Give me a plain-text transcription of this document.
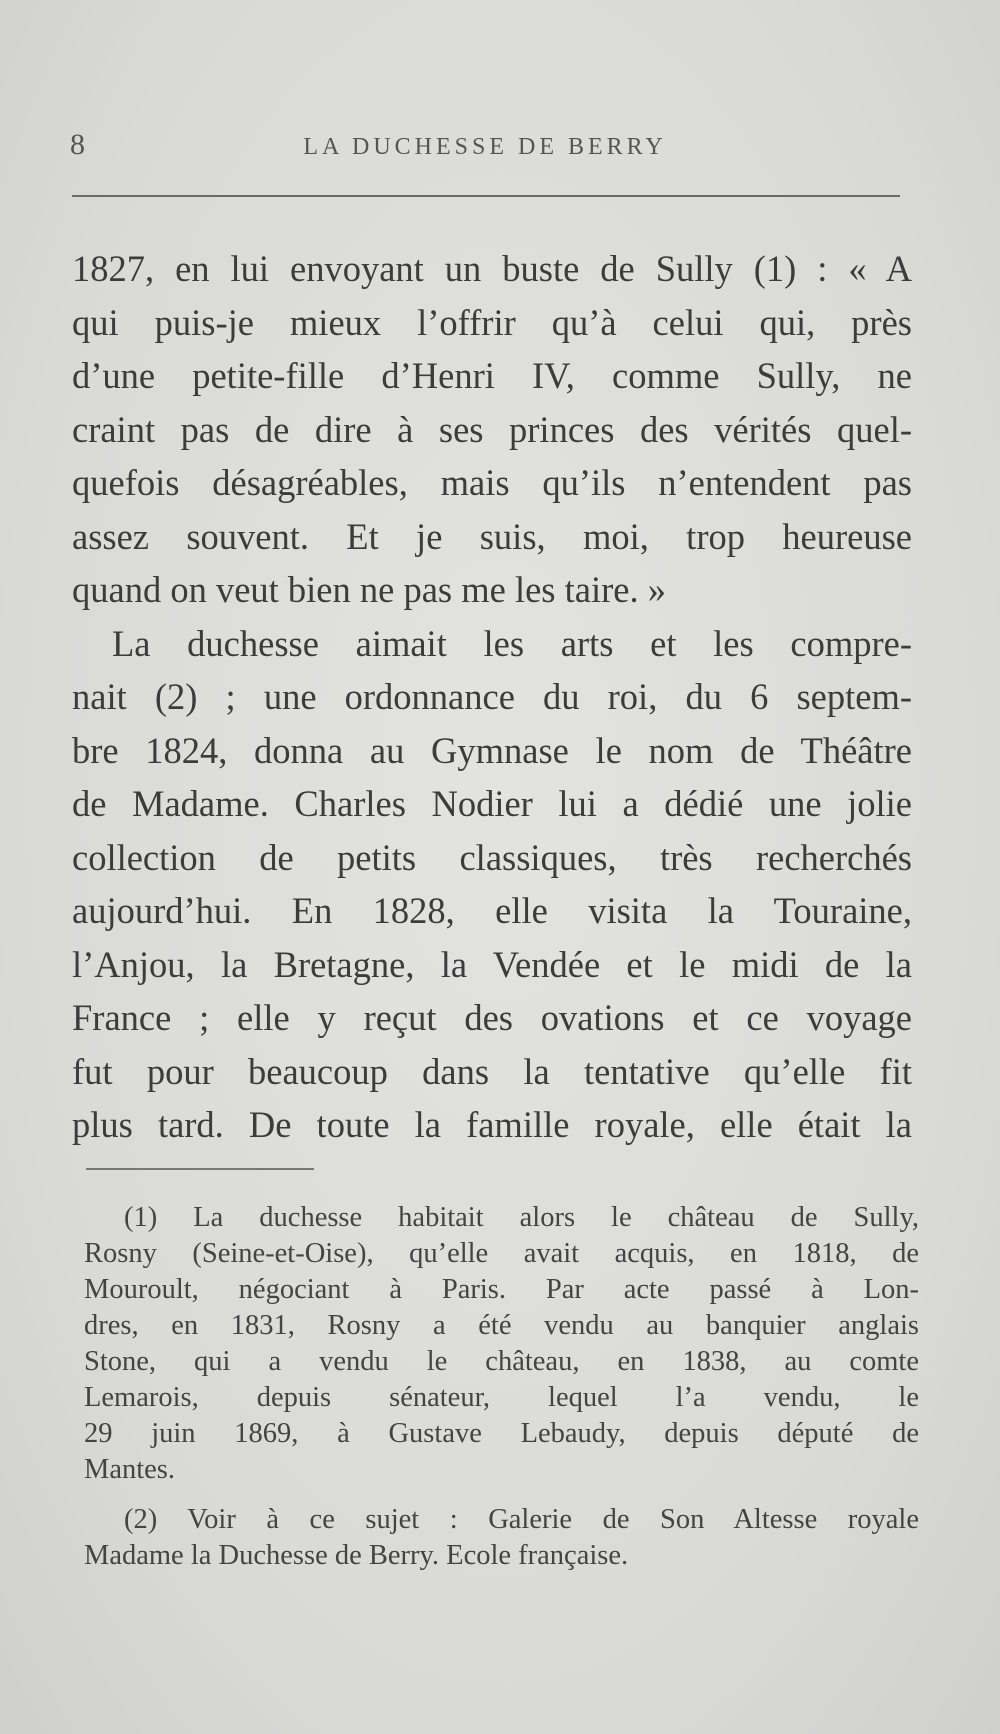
8	LA DUCHESSE DE BERRY
1827, en lui envoyant un buste de Sully (1) : « A
qui puis-je mieux l’offrir qu’à celui qui, près
d’une petite-fille d’Henri IV, comme Sully, ne
craint pas de dire à ses princes des vérités quel-
quefois désagréables, mais qu’ils n’entendent pas
assez souvent. Et je suis, moi, trop heureuse
quand on veut bien ne pas me les taire. »
La duchesse aimait les arts et les compre-
nait (2) ; une ordonnance du roi, du 6 septem-
bre 1824, donna au Gymnase le nom de Théâtre
de Madame. Charles Nodier lui a dédié une jolie
collection de petits classiques, très recherchés
aujourd’hui. En 1828, elle visita la Touraine,
l’Anjou, la Bretagne, la Vendée et le midi de la
France ; elle y reçut des ovations et ce voyage
fut pour beaucoup dans la tentative qu’elle fit
plus tard. De toute la famille royale, elle était la
(1) La duchesse habitait alors le château de Sully,
Rosny (Seine-et-Oise), qu’elle avait acquis, en 1818, de
Mouroult, négociant à Paris. Par acte passé à Lon-
dres, en 1831, Rosny a été vendu au banquier anglais
Stone, qui a vendu le château, en 1838, au comte
Lemarois, depuis sénateur, lequel l’a vendu, le
29 juin 1869, à Gustave Lebaudy, depuis député de
Mantes.
(2) Voir à ce sujet : Galerie de Son Altesse royale
Madame la Duchesse de Berry. Ecole française.
